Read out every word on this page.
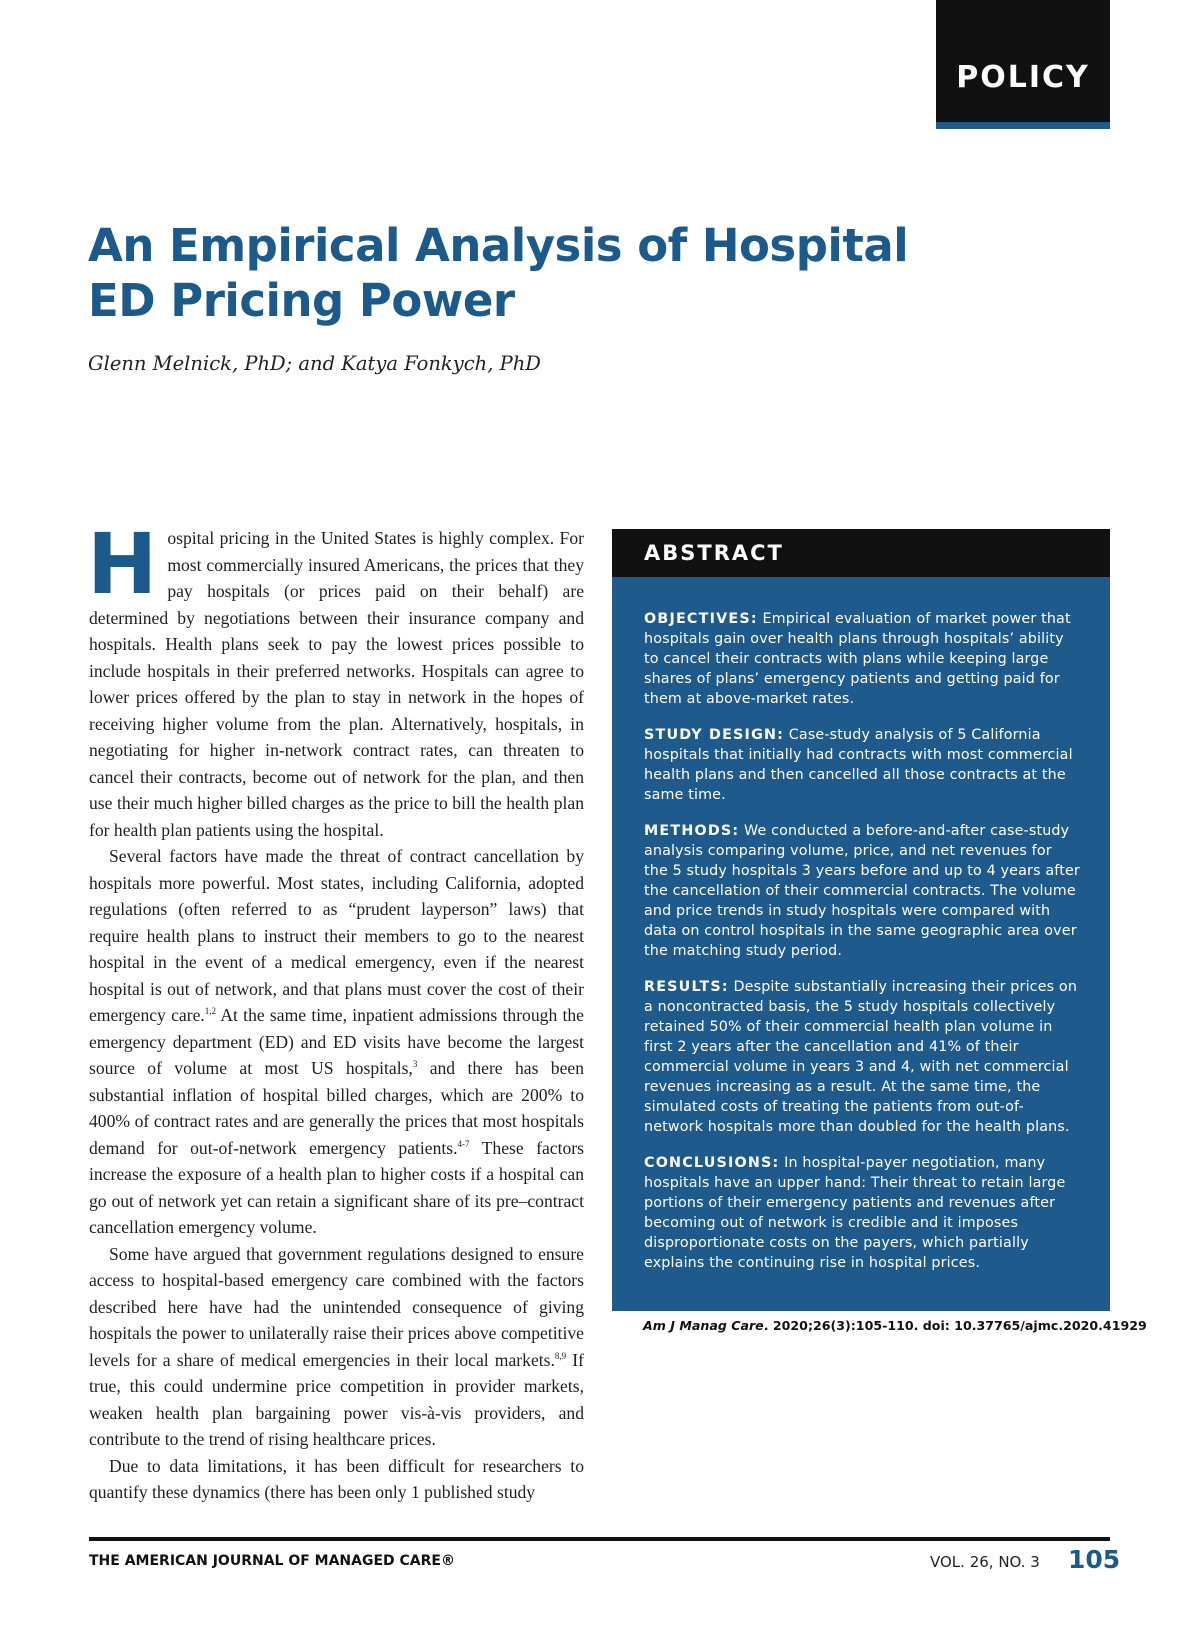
POLICY
An Empirical Analysis of Hospital ED Pricing Power

Glenn Melnick, PhD; and Katya Fonkych, PhD

Hospital pricing in the United States is highly complex. For most commercially insured Americans, the prices that they pay hospitals (or prices paid on their behalf) are determined by negotiations between their insurance company and hospitals. Health plans seek to pay the lowest prices possible to include hospitals in their preferred networks. Hospitals can agree to lower prices offered by the plan to stay in network in the hopes of receiving higher volume from the plan. Alternatively, hospitals, in negotiating for higher in-network contract rates, can threaten to cancel their contracts, become out of network for the plan, and then use their much higher billed charges as the price to bill the health plan for health plan patients using the hospital.

Several factors have made the threat of contract cancellation by hospitals more powerful. Most states, including California, adopted regulations (often referred to as “prudent layperson” laws) that require health plans to instruct their members to go to the nearest hospital in the event of a medical emergency, even if the nearest hospital is out of network, and that plans must cover the cost of their emergency care.$^{1,2}$ At the same time, inpatient admissions through the emergency department (ED) and ED visits have become the largest source of volume at most US hospitals,$^3$ and there has been substantial inflation of hospital billed charges, which are 200% to 400% of contract rates and are generally the prices that most hospitals demand for out-of-network emergency patients.$^{4-7}$ These factors increase the exposure of a health plan to higher costs if a hospital can go out of network yet can retain a significant share of its pre–contract cancellation emergency volume.

Some have argued that government regulations designed to ensure access to hospital-based emergency care combined with the factors described here have had the unintended consequence of giving hospitals the power to unilaterally raise their prices above competitive levels for a share of medical emergencies in their local markets.$^{8,9}$ If true, this could undermine price competition in provider markets, weaken health plan bargaining power vis-à-vis providers, and contribute to the trend of rising healthcare prices.

Due to data limitations, it has been difficult for researchers to quantify these dynamics (there has been only 1 published study

ABSTRACT

OBJECTIVES: Empirical evaluation of market power that hospitals gain over health plans through hospitals’ ability to cancel their contracts with plans while keeping large shares of plans’ emergency patients and getting paid for them at above-market rates.

STUDY DESIGN: Case-study analysis of 5 California hospitals that initially had contracts with most commercial health plans and then cancelled all those contracts at the same time.

METHODS: We conducted a before-and-after case-study analysis comparing volume, price, and net revenues for the 5 study hospitals 3 years before and up to 4 years after the cancellation of their commercial contracts. The volume and price trends in study hospitals were compared with data on control hospitals in the same geographic area over the matching study period.

RESULTS: Despite substantially increasing their prices on a noncontracted basis, the 5 study hospitals collectively retained 50% of their commercial health plan volume in first 2 years after the cancellation and 41% of their commercial volume in years 3 and 4, with net commercial revenues increasing as a result. At the same time, the simulated costs of treating the patients from out-of-network hospitals more than doubled for the health plans.

CONCLUSIONS: In hospital-payer negotiation, many hospitals have an upper hand: Their threat to retain large portions of their emergency patients and revenues after becoming out of network is credible and it imposes disproportionate costs on the payers, which partially explains the continuing rise in hospital prices.

Am J Manag Care. 2020;26(3):105-110. doi: 10.37765/ajmc.2020.41929
THE AMERICAN JOURNAL OF MANAGED CARE®	VOL. 26, NO. 3 105
